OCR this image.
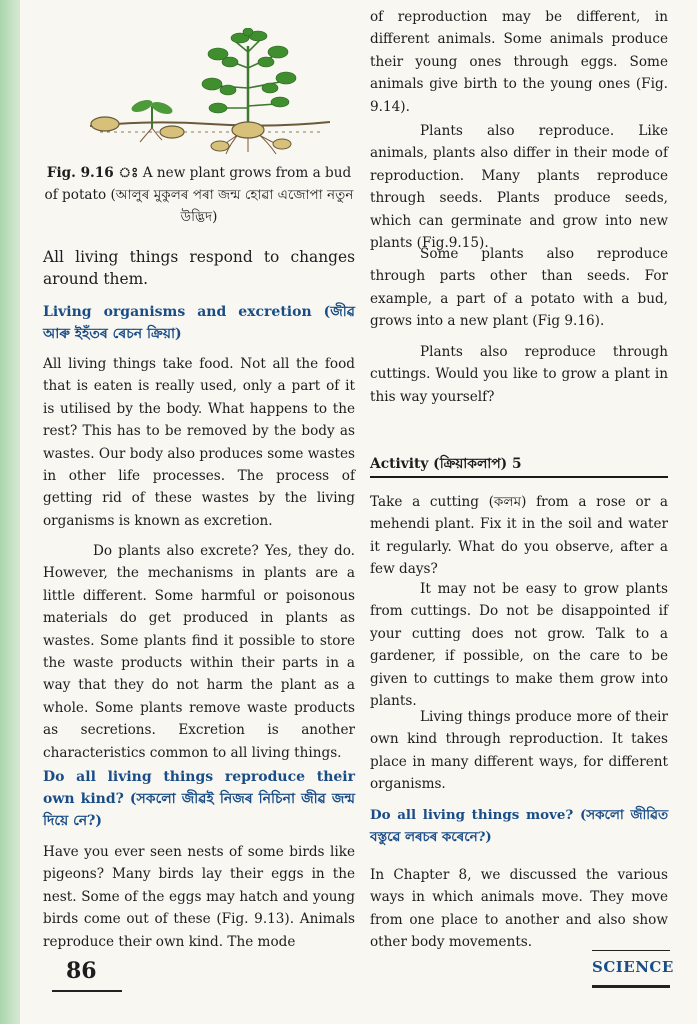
Fig. 9.16 ঃ A new plant grows from a bud of potato (আলুৰ মুকুলৰ পৰা জন্ম হোৱা এজোপা নতুন উদ্ভিদ)

All living things respond to changes around them.

Living organisms and excretion (জীৱ আৰু ইহঁতৰ ৰেচন ক্ৰিয়া)

All living things take food. Not all the food that is eaten is really used, only a part of it is utilised by the body. What happens to the rest? This has to be removed by the body as wastes. Our body also produces some wastes in other life processes. The process of getting rid of these wastes by the living organisms is known as excretion.

Do plants also excrete? Yes, they do. However, the mechanisms in plants are a little different. Some harmful or poisonous materials do get produced in plants as wastes. Some plants find it possible to store the waste products within their parts in a way that they do not harm the plant as a whole. Some plants remove waste products as secretions. Excretion is another characteristics common to all living things.

Do all living things reproduce their own kind? (সকলো জীৱই নিজৰ নিচিনা জীৱ জন্ম দিয়ে নে?)

Have you ever seen nests of some birds like pigeons? Many birds lay their eggs in the nest. Some of the eggs may hatch and young birds come out of these (Fig. 9.13). Animals reproduce their own kind. The mode

of reproduction may be different, in different animals. Some animals produce their young ones through eggs. Some animals give birth to the young ones (Fig. 9.14).

Plants also reproduce. Like animals, plants also differ in their mode of reproduction. Many plants reproduce through seeds. Plants produce seeds, which can germinate and grow into new plants (Fig.9.15).

Some plants also reproduce through parts other than seeds. For example, a part of a potato with a bud, grows into a new plant (Fig 9.16).

Plants also reproduce through cuttings. Would you like to grow a plant in this way yourself?

Activity (ক্ৰিয়াকলাপ) 5

Take a cutting (কলম) from a rose or a mehendi plant. Fix it in the soil and water it regularly. What do you observe, after a few days?

It may not be easy to grow plants from cuttings. Do not be disappointed if your cutting does not grow. Talk to a gardener, if possible, on the care to be given to cuttings to make them grow into plants.

Living things produce more of their own kind through reproduction. It takes place in many different ways, for different organisms.

Do all living things move? (সকলো জীৱিত বস্তুৱে লৰচৰ কৰেনে?)

In Chapter 8, we discussed the various ways in which animals move. They move from one place to another and also show other body movements.

86	SCIENCE
